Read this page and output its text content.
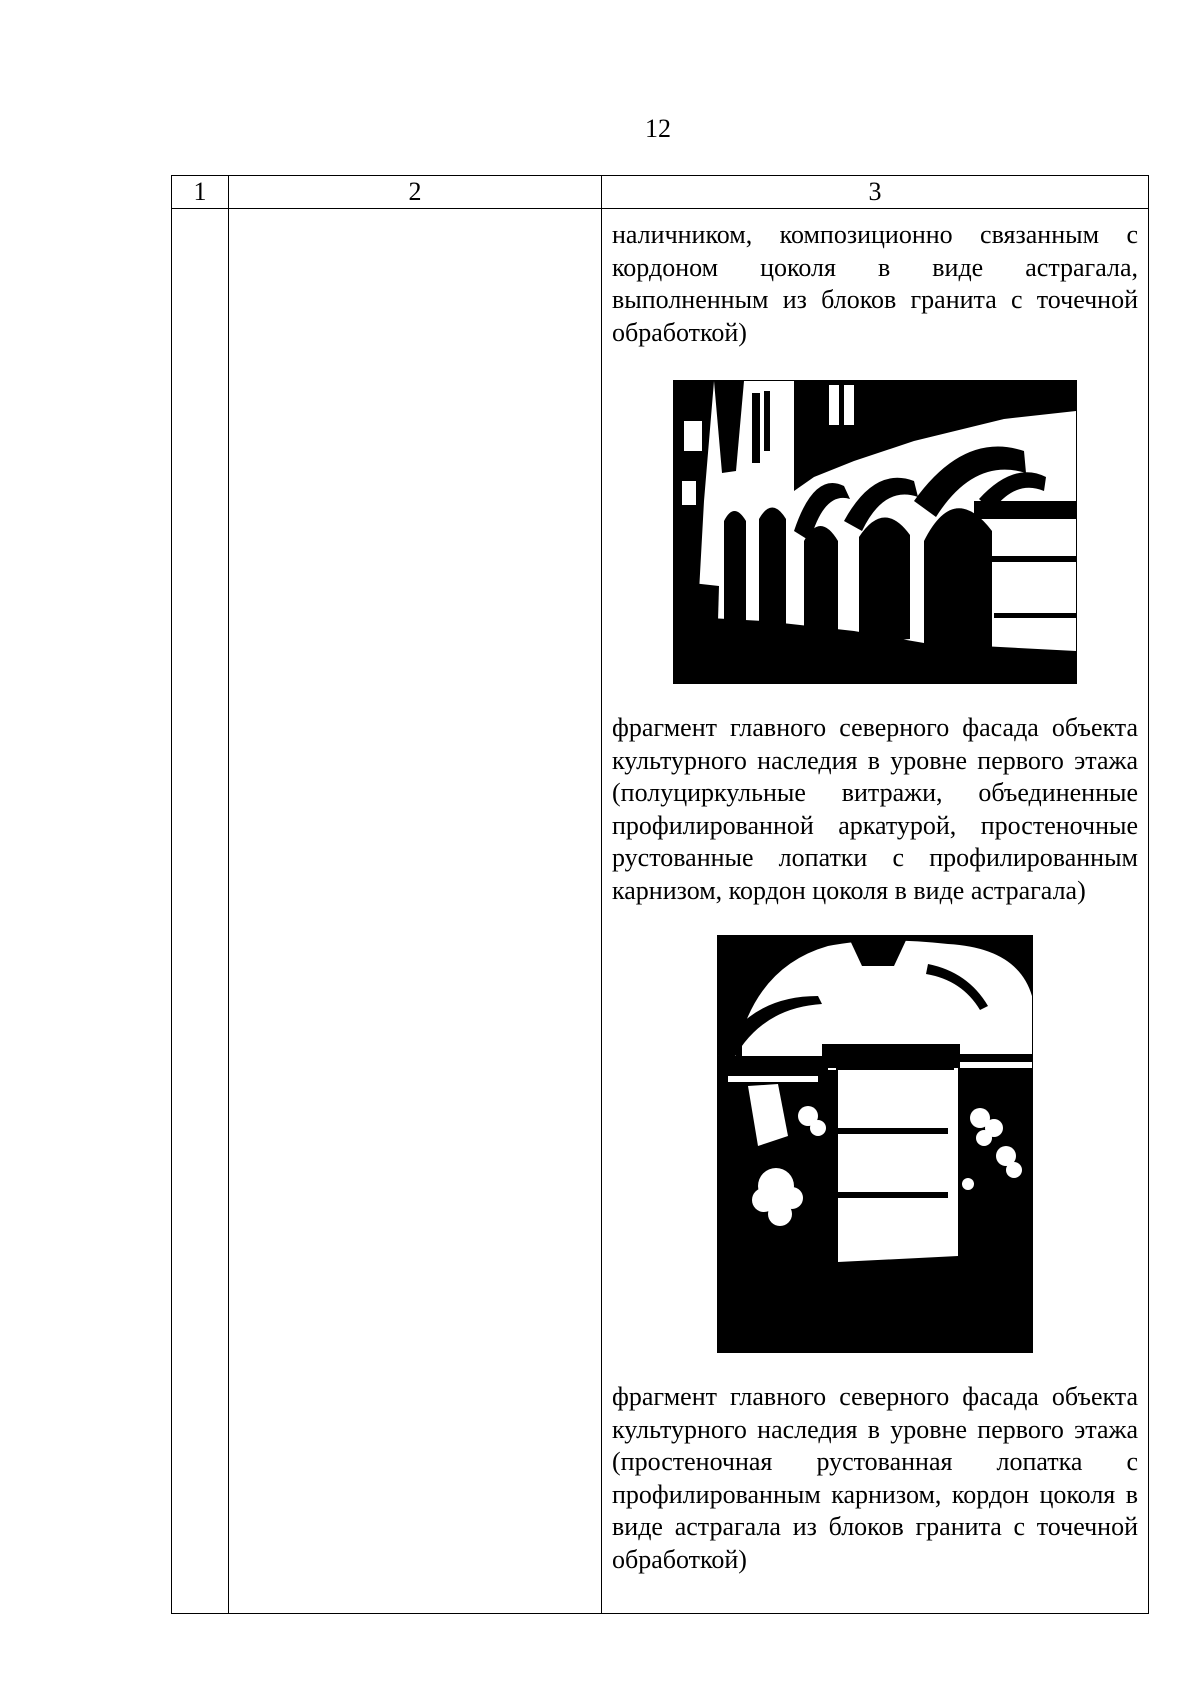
12
1	2	3

		наличником, композиционно связанным с кордоном цоколя в виде астрагала, выполненным из блоков гранита с точечной обработкой)

фрагмент главного северного фасада объекта культурного наследия в уровне первого этажа (полуциркульные витражи, объединенные профилированной аркатурой, простеночные рустованные лопатки с профилированным карнизом, кордон цоколя в виде астрагала)

фрагмент главного северного фасада объекта культурного наследия в уровне первого этажа (простеночная рустованная лопатка с профилированным карнизом, кордон цоколя в виде астрагала из блоков гранита с точечной обработкой)
